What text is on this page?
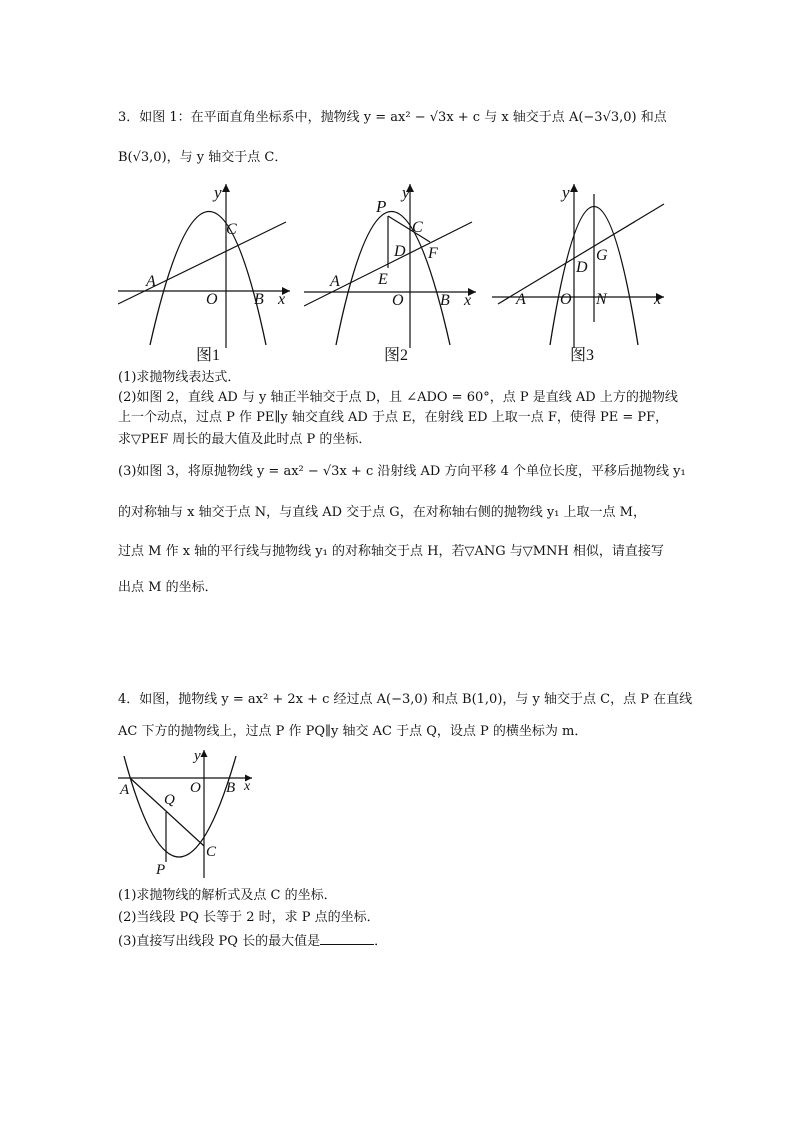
3．如图 1：在平面直角坐标系中，抛物线 y = ax² − √3x + c 与 x 轴交于点 A(−3√3,0) 和点
B(√3,0)，与 y 轴交于点 C．
y
C
A
O B x
图1
y
P
C
D F
A E
O B x
图2
y
G
D
A O N	x
图3
(1)求抛物线表达式．
(2)如图 2，直线 AD 与 y 轴正半轴交于点 D，且 ∠ADO = 60°，点 P 是直线 AD 上方的抛物线
上一个动点，过点 P 作 PE∥y 轴交直线 AD 于点 E，在射线 ED 上取一点 F，使得 PE = PF，
求▽PEF 周长的最大值及此时点 P 的坐标．
(3)如图 3，将原抛物线 y = ax² − √3x + c 沿射线 AD 方向平移 4 个单位长度，平移后抛物线 y₁
的对称轴与 x 轴交于点 N，与直线 AD 交于点 G，在对称轴右侧的抛物线 y₁ 上取一点 M，
过点 M 作 x 轴的平行线与抛物线 y₁ 的对称轴交于点 H，若▽ANG 与▽MNH 相似，请直接写
出点 M 的坐标．
4．如图，抛物线 y = ax² + 2x + c 经过点 A(−3,0) 和点 B(1,0)，与 y 轴交于点 C，点 P 在直线
AC 下方的抛物线上，过点 P 作 PQ∥y 轴交 AC 于点 Q，设点 P 的横坐标为 m．
y
A
Q
O B x
C
P
(1)求抛物线的解析式及点 C 的坐标．
(2)当线段 PQ 长等于 2 时，求 P 点的坐标．
(3)直接写出线段 PQ 长的最大值是	．
